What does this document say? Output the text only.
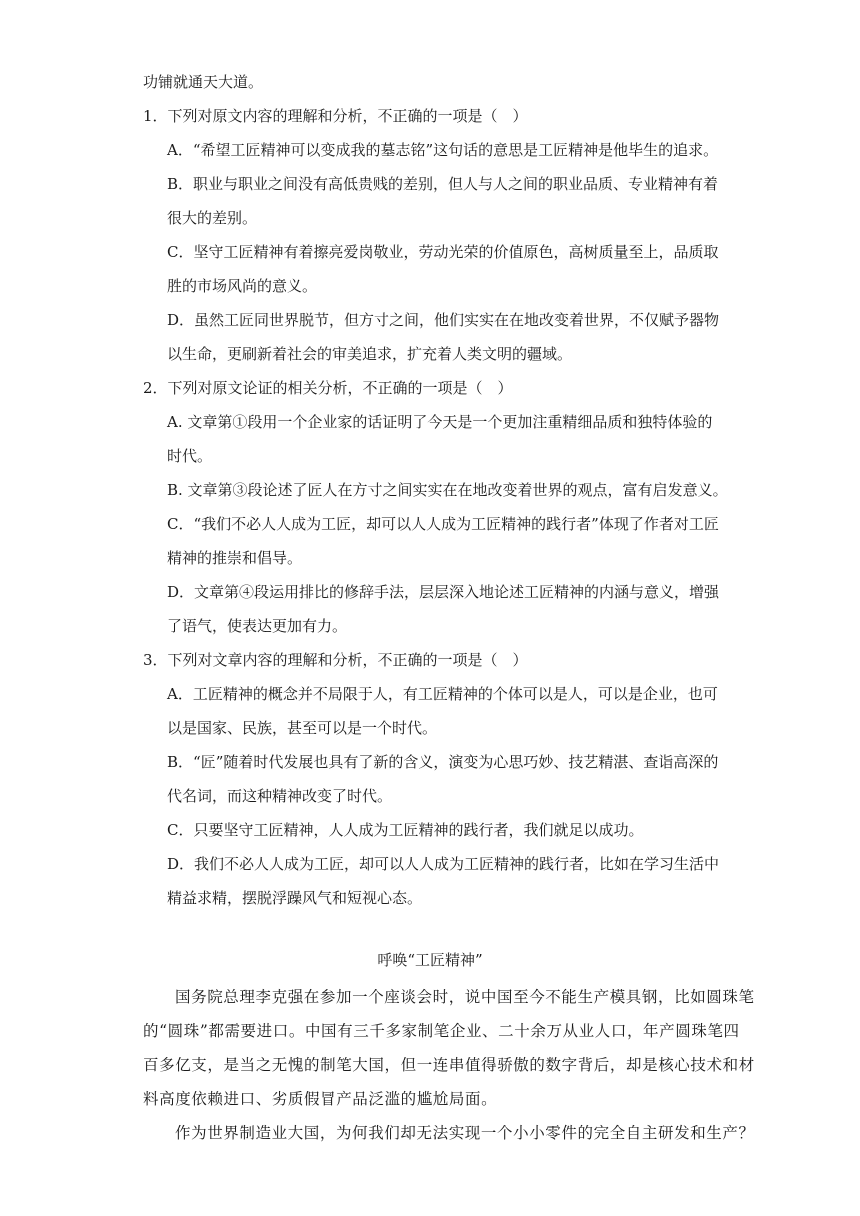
功铺就通天大道。
1．下列对原文内容的理解和分析，不正确的一项是（　）
A．“希望工匠精神可以变成我的墓志铭”这句话的意思是工匠精神是他毕生的追求。
B．职业与职业之间没有高低贵贱的差别，但人与人之间的职业品质、专业精神有着
很大的差别。
C．坚守工匠精神有着擦亮爱岗敬业，劳动光荣的价值原色，高树质量至上，品质取
胜的市场风尚的意义。
D．虽然工匠同世界脱节，但方寸之间，他们实实在在地改变着世界，不仅赋予器物
以生命，更刷新着社会的审美追求，扩充着人类文明的疆域。
2．下列对原文论证的相关分析，不正确的一项是（　）
A. 文章第①段用一个企业家的话证明了今天是一个更加注重精细品质和独特体验的
时代。
B. 文章第③段论述了匠人在方寸之间实实在在地改变着世界的观点，富有启发意义。
C．“我们不必人人成为工匠，却可以人人成为工匠精神的践行者”体现了作者对工匠
精神的推崇和倡导。
D．文章第④段运用排比的修辞手法，层层深入地论述工匠精神的内涵与意义，增强
了语气，使表达更加有力。
3．下列对文章内容的理解和分析，不正确的一项是（　）
A．工匠精神的概念并不局限于人，有工匠精神的个体可以是人，可以是企业，也可
以是国家、民族，甚至可以是一个时代。
B．“匠”随着时代发展也具有了新的含义，演变为心思巧妙、技艺精湛、查诣高深的
代名词，而这种精神改变了时代。
C．只要坚守工匠精神，人人成为工匠精神的践行者，我们就足以成功。
D．我们不必人人成为工匠，却可以人人成为工匠精神的践行者，比如在学习生活中
精益求精，摆脱浮躁风气和短视心态。
呼唤“工匠精神”
国务院总理李克强在参加一个座谈会时，说中国至今不能生产模具钢，比如圆珠笔
的“圆珠”都需要进口。中国有三千多家制笔企业、二十余万从业人口，年产圆珠笔四
百多亿支，是当之无愧的制笔大国，但一连串值得骄傲的数字背后，却是核心技术和材
料高度依赖进口、劣质假冒产品泛滥的尴尬局面。
作为世界制造业大国，为何我们却无法实现一个小小零件的完全自主研发和生产？
